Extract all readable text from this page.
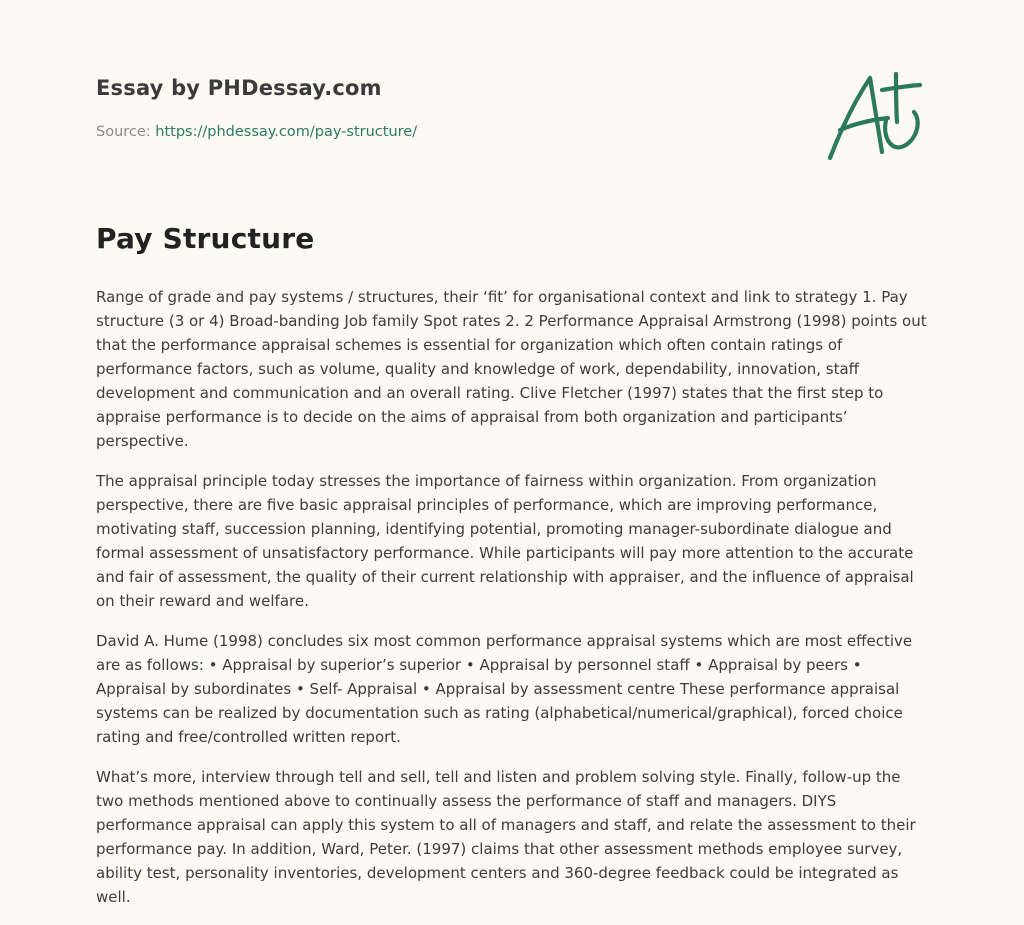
Essay by PHDessay.com

Source: https://phdessay.com/pay-structure/

Pay Structure

Range of grade and pay systems / structures, their ‘fit’ for organisational context and link to strategy 1. Pay structure (3 or 4) Broad-banding Job family Spot rates 2. 2 Performance Appraisal Armstrong (1998) points out that the performance appraisal schemes is essential for organization which often contain ratings of performance factors, such as volume, quality and knowledge of work, dependability, innovation, staff development and communication and an overall rating. Clive Fletcher (1997) states that the first step to appraise performance is to decide on the aims of appraisal from both organization and participants’ perspective.

The appraisal principle today stresses the importance of fairness within organization. From organization perspective, there are five basic appraisal principles of performance, which are improving performance, motivating staff, succession planning, identifying potential, promoting manager-subordinate dialogue and formal assessment of unsatisfactory performance. While participants will pay more attention to the accurate and fair of assessment, the quality of their current relationship with appraiser, and the influence of appraisal on their reward and welfare.

David A. Hume (1998) concludes six most common performance appraisal systems which are most effective are as follows: • Appraisal by superior’s superior • Appraisal by personnel staff • Appraisal by peers • Appraisal by subordinates • Self- Appraisal • Appraisal by assessment centre These performance appraisal systems can be realized by documentation such as rating (alphabetical/numerical/graphical), forced choice rating and free/controlled written report.

What’s more, interview through tell and sell, tell and listen and problem solving style. Finally, follow-up the two methods mentioned above to continually assess the performance of staff and managers. DIYS performance appraisal can apply this system to all of managers and staff, and relate the assessment to their performance pay. In addition, Ward, Peter. (1997) claims that other assessment methods employee survey, ability test, personality inventories, development centers and 360-degree feedback could be integrated as well.
